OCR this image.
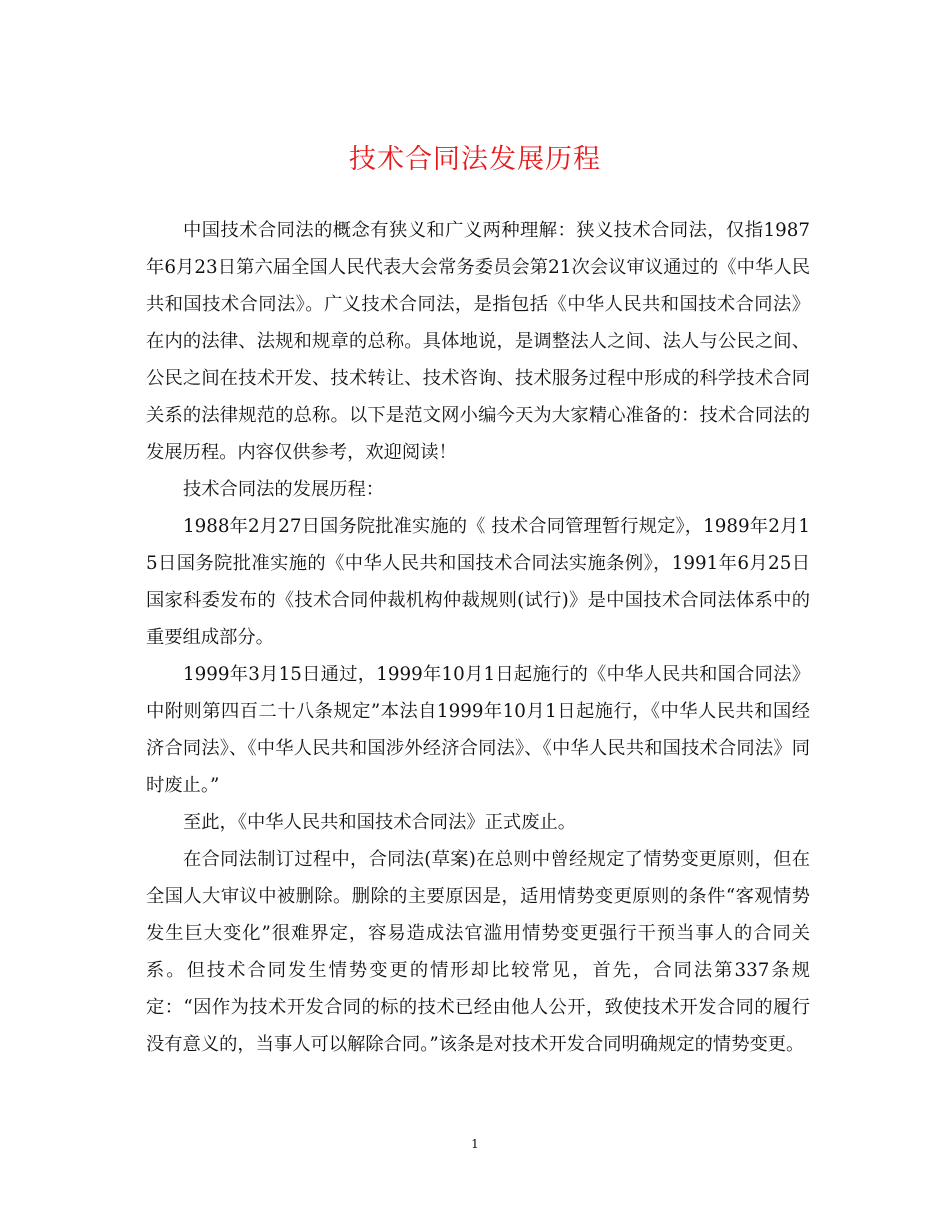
技术合同法发展历程

中国技术合同法的概念有狭义和广义两种理解：狭义技术合同法，仅指1987年6月23日第六届全国人民代表大会常务委员会第21次会议审议通过的《中华人民共和国技术合同法》。广义技术合同法，是指包括《中华人民共和国技术合同法》在内的法律、法规和规章的总称。具体地说，是调整法人之间、法人与公民之间、公民之间在技术开发、技术转让、技术咨询、技术服务过程中形成的科学技术合同关系的法律规范的总称。以下是范文网小编今天为大家精心准备的：技术合同法的发展历程。内容仅供参考，欢迎阅读！

技术合同法的发展历程：

1988年2月27日国务院批准实施的《 技术合同管理暂行规定》，1989年2月15日国务院批准实施的《中华人民共和国技术合同法实施条例》，1991年6月25日国家科委发布的《技术合同仲裁机构仲裁规则(试行)》是中国技术合同法体系中的重要组成部分。

1999年3月15日通过，1999年10月1日起施行的《中华人民共和国合同法》中附则第四百二十八条规定”本法自1999年10月1日起施行，《中华人民共和国经济合同法》、《中华人民共和国涉外经济合同法》、《中华人民共和国技术合同法》同时废止。”

至此，《中华人民共和国技术合同法》正式废止。

在合同法制订过程中，合同法(草案)在总则中曾经规定了情势变更原则，但在全国人大审议中被删除。删除的主要原因是，适用情势变更原则的条件“客观情势发生巨大变化”很难界定，容易造成法官滥用情势变更强行干预当事人的合同关系。但技术合同发生情势变更的情形却比较常见，首先，合同法第337条规定：“因作为技术开发合同的标的技术已经由他人公开，致使技术开发合同的履行没有意义的，当事人可以解除合同。”该条是对技术开发合同明确规定的情势变更。

1
